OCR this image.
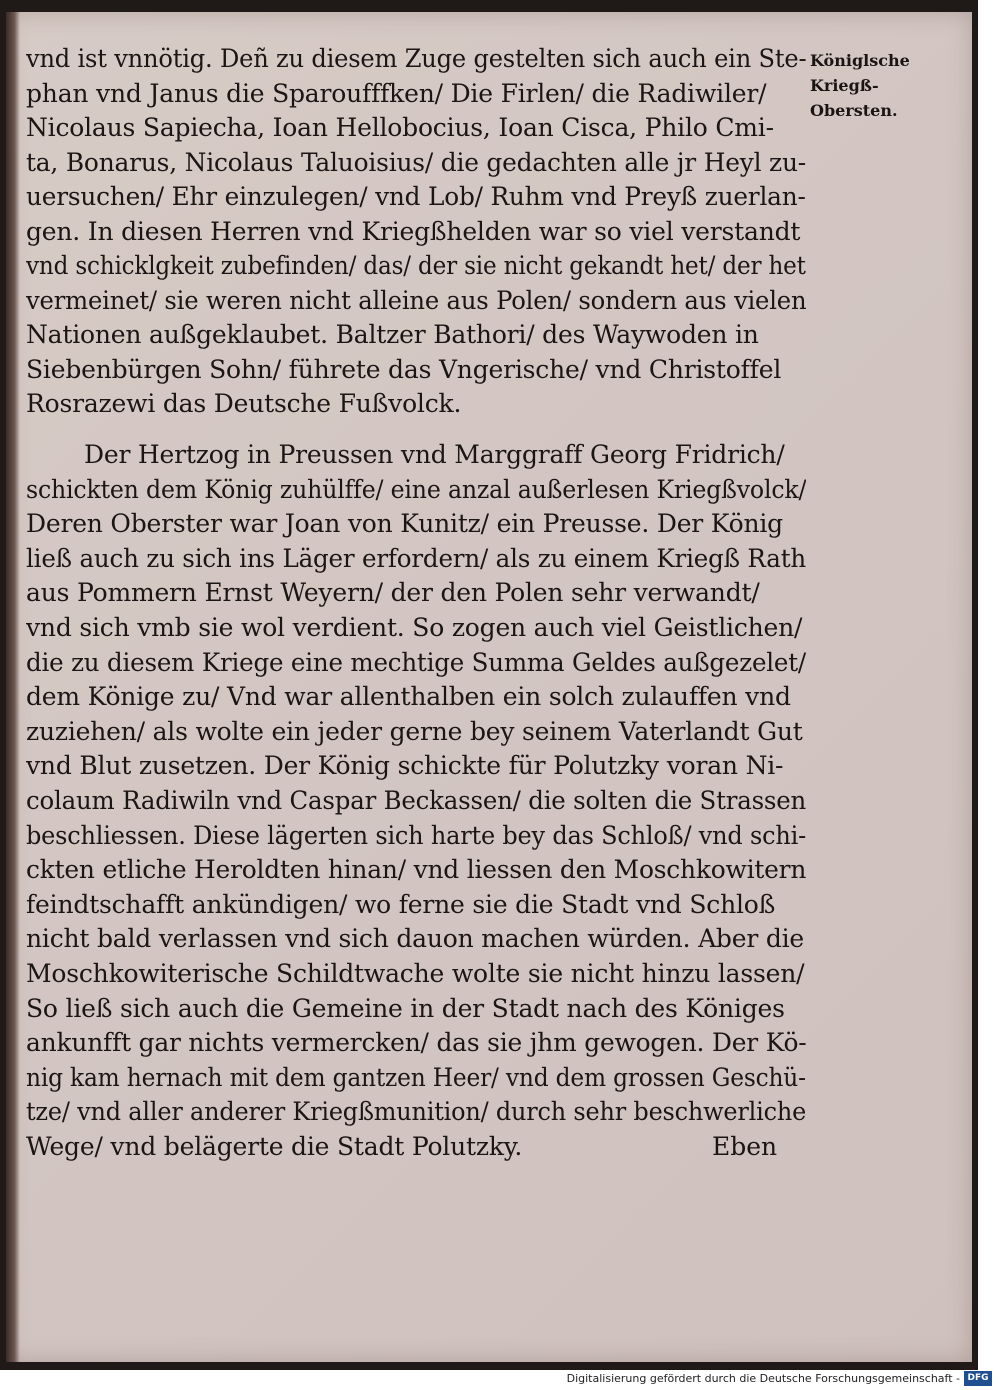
vnd ist vnnötig. Deñ zu diesem Zuge gestelten sich auch ein Ste-
phan vnd Janus die Sparoufffken/ Die Firlen/ die Radiwiler/
Nicolaus Sapiecha, Ioan Hellobocius, Ioan Cisca, Philo Cmi-
ta, Bonarus, Nicolaus Taluoisius/ die gedachten alle jr Heyl zu-
uersuchen/ Ehr einzulegen/ vnd Lob/ Ruhm vnd Preyß zuerlan-
gen. In diesen Herren vnd Kriegßhelden war so viel verstandt
vnd schicklgkeit zubefinden/ das/ der sie nicht gekandt het/ der het
vermeinet/ sie weren nicht alleine aus Polen/ sondern aus vielen
Nationen außgeklaubet. Baltzer Bathori/ des Waywoden in
Siebenbürgen Sohn/ führete das Vngerische/ vnd Christoffel
Rosrazewi das Deutsche Fußvolck.
Königlsche
Kriegß-
Obersten.
Der Hertzog in Preussen vnd Marggraff Georg Fridrich/
schickten dem König zuhülffe/ eine anzal außerlesen Kriegßvolck/
Deren Oberster war Joan von Kunitz/ ein Preusse. Der König
ließ auch zu sich ins Läger erfordern/ als zu einem Kriegß Rath
aus Pommern Ernst Weyern/ der den Polen sehr verwandt/
vnd sich vmb sie wol verdient. So zogen auch viel Geistlichen/
die zu diesem Kriege eine mechtige Summa Geldes außgezelet/
dem Könige zu/ Vnd war allenthalben ein solch zulauffen vnd
zuziehen/ als wolte ein jeder gerne bey seinem Vaterlandt Gut
vnd Blut zusetzen. Der König schickte für Polutzky voran Ni-
colaum Radiwiln vnd Caspar Beckassen/ die solten die Strassen
beschliessen. Diese lägerten sich harte bey das Schloß/ vnd schi-
ckten etliche Heroldten hinan/ vnd liessen den Moschkowitern
feindtschafft ankündigen/ wo ferne sie die Stadt vnd Schloß
nicht bald verlassen vnd sich dauon machen würden. Aber die
Moschkowiterische Schildtwache wolte sie nicht hinzu lassen/
So ließ sich auch die Gemeine in der Stadt nach des Königes
ankunfft gar nichts vermercken/ das sie jhm gewogen. Der Kö-
nig kam hernach mit dem gantzen Heer/ vnd dem grossen Geschü-
tze/ vnd aller anderer Kriegßmunition/ durch sehr beschwerliche
Wege/ vnd belägerte die Stadt Polutzky.	Eben
Digitalisierung gefördert durch die Deutsche Forschungsgemeinschaft - DFG
